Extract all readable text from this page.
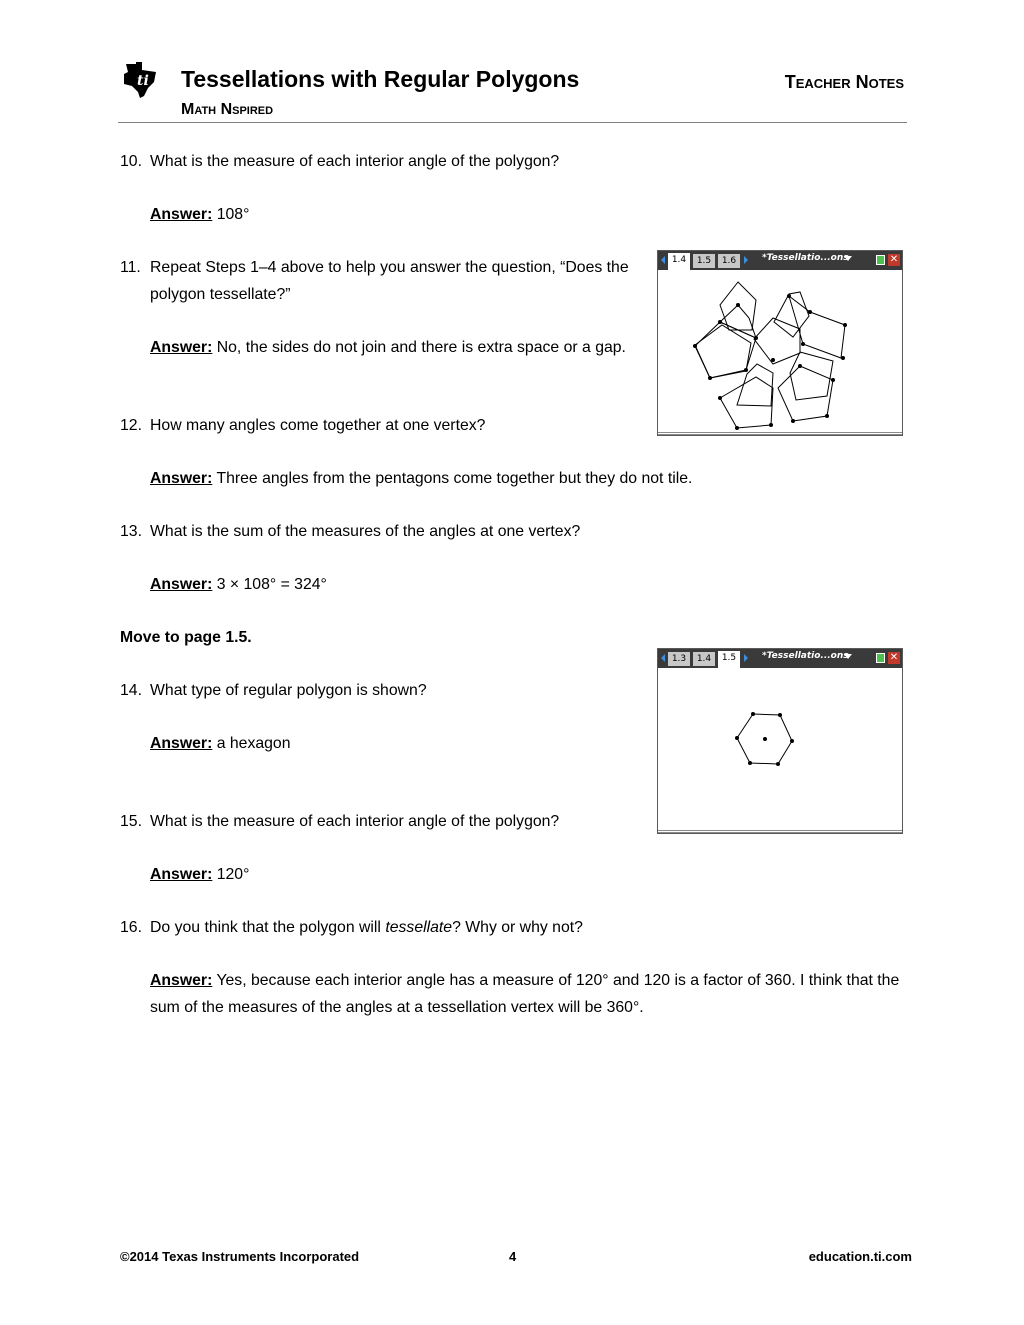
ti Tessellations with Regular Polygons
Math Nspired
Teacher Notes
10. What is the measure of each interior angle of the polygon?
Answer: 108°
11. Repeat Steps 1–4 above to help you answer the question, “Does the polygon tessellate?”
Answer: No, the sides do not join and there is extra space or a gap.
12. How many angles come together at one vertex?
Answer: Three angles from the pentagons come together but they do not tile.
13. What is the sum of the measures of the angles at one vertex?
Answer: 3 × 108° = 324°
Move to page 1.5.
14. What type of regular polygon is shown?
Answer: a hexagon
15. What is the measure of each interior angle of the polygon?
Answer: 120°
16. Do you think that the polygon will tessellate? Why or why not?
Answer: Yes, because each interior angle has a measure of 120° and 120 is a factor of 360. I think that the sum of the measures of the angles at a tessellation vertex will be 360°.
1.4	1.5	1.6	*Tessellatio...ons	✕
1.3	1.4	1.5	*Tessellatio...ons	✕
©2014 Texas Instruments Incorporated	4	education.ti.com
